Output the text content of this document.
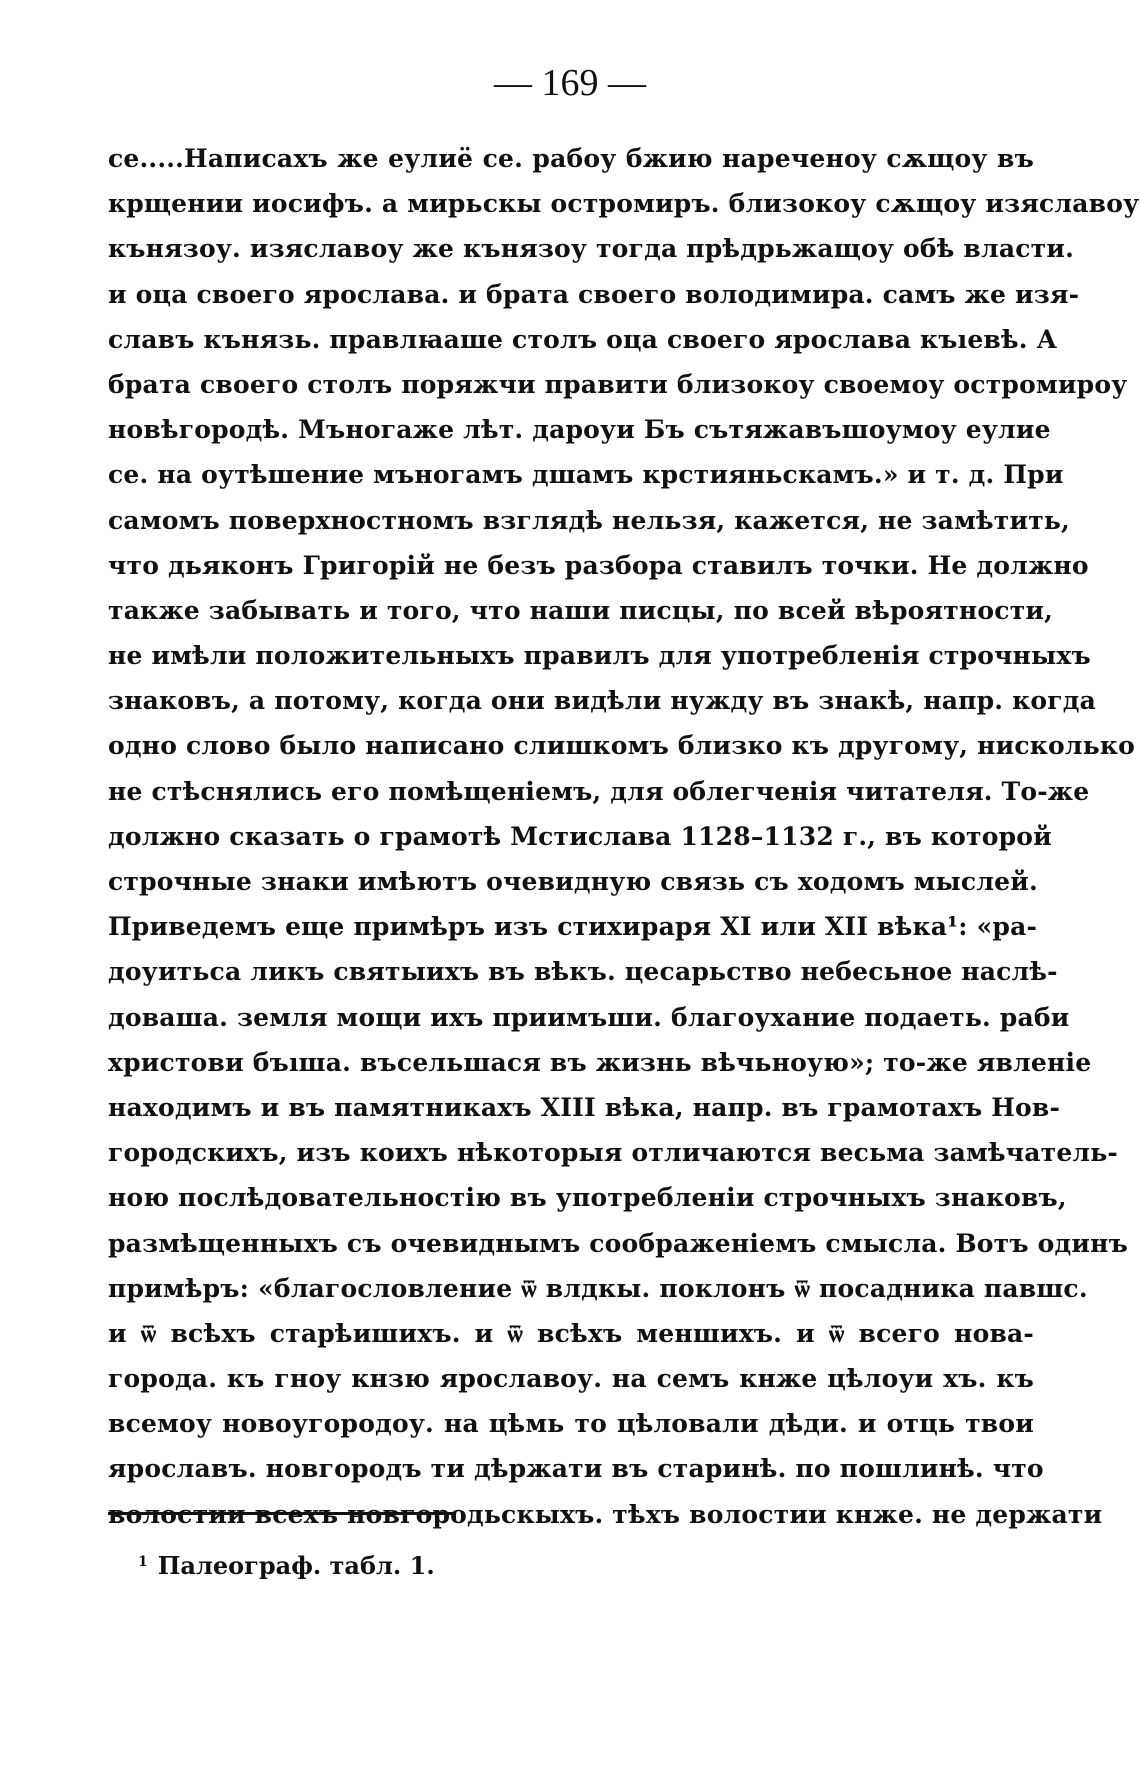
— 169 —
се.....Написахъ же еулиё се. рабоу бжию нареченоу сѫщоу въ
крщении иосифъ. а мирьскы остромиръ. близокоу сѫщоу изяславоу
кънязоу. изяславоу же кънязоу тогда прѣдрьжащоу обѣ власти.
и оца своего ярослава. и брата своего володимира. самъ же изя-
славъ кънязь. правлꙗаше столъ оца своего ярослава къıевѣ. А
брата своего столъ поряжчи правити близокоу своемоу остромироу
новѣгородѣ. Мъногаже лѣт. дароуи Бъ сътяжавъшоумоу еулие
се. на оутѣшение мъногамъ дшамъ крстияньскамъ.» и т. д. При
самомъ поверхностномъ взглядѣ нельзя, кажется, не замѣтить,
что дьяконъ Григорій не безъ разбора ставилъ точки. Не должно
также забывать и того, что наши писцы, по всей вѣроятности,
не имѣли положительныхъ правилъ для употребленія строчныхъ
знаковъ, а потому, когда они видѣли нужду въ знакѣ, напр. когда
одно слово было написано слишкомъ близко къ другому, нисколько
не стѣснялись его помѣщеніемъ, для облегченія читателя. То-же
должно сказать о грамотѣ Мстислава 1128–1132 г., въ которой
строчные знаки имѣютъ очевидную связь съ ходомъ мыслей.
Приведемъ еще примѣръ изъ стихираря XI или XII вѣка¹: «ра-
доуитьса ликъ святыихъ въ вѣкъ. цесарьство небесьное наслѣ-
доваша. земля мощи ихъ приимъши. благоухание подаеть. раби
христови бъıша. въсельшася въ жизнь вѣчьноую»; то-же явленіе
находимъ и въ памятникахъ XIII вѣка, напр. въ грамотахъ Нов-
городскихъ, изъ коихъ нѣкоторыя отличаются весьма замѣчатель-
ною послѣдовательностію въ употребленіи строчныхъ знаковъ,
размѣщенныхъ съ очевиднымъ соображеніемъ смысла. Вотъ одинъ
примѣръ: «благословление ѿ влдкы. поклонъ ѿ посадника павшс.
и ѿ всѣхъ старѣишихъ. и ѿ всѣхъ меншихъ. и ѿ всего нова-
города. къ гноу кнзю ярославоу. на семъ кнже цѣлоуи хъ. къ
всемоу новоугородоу. на цѣмь то цѣловали дѣди. и отць твои
ярославъ. новгородъ ти дѣржати въ старинѣ. по пошлинѣ. что
волостии всехъ новгородьскыхъ. тѣхъ волостии кнже. не держати
$^1$ Палеограф. табл. 1.
